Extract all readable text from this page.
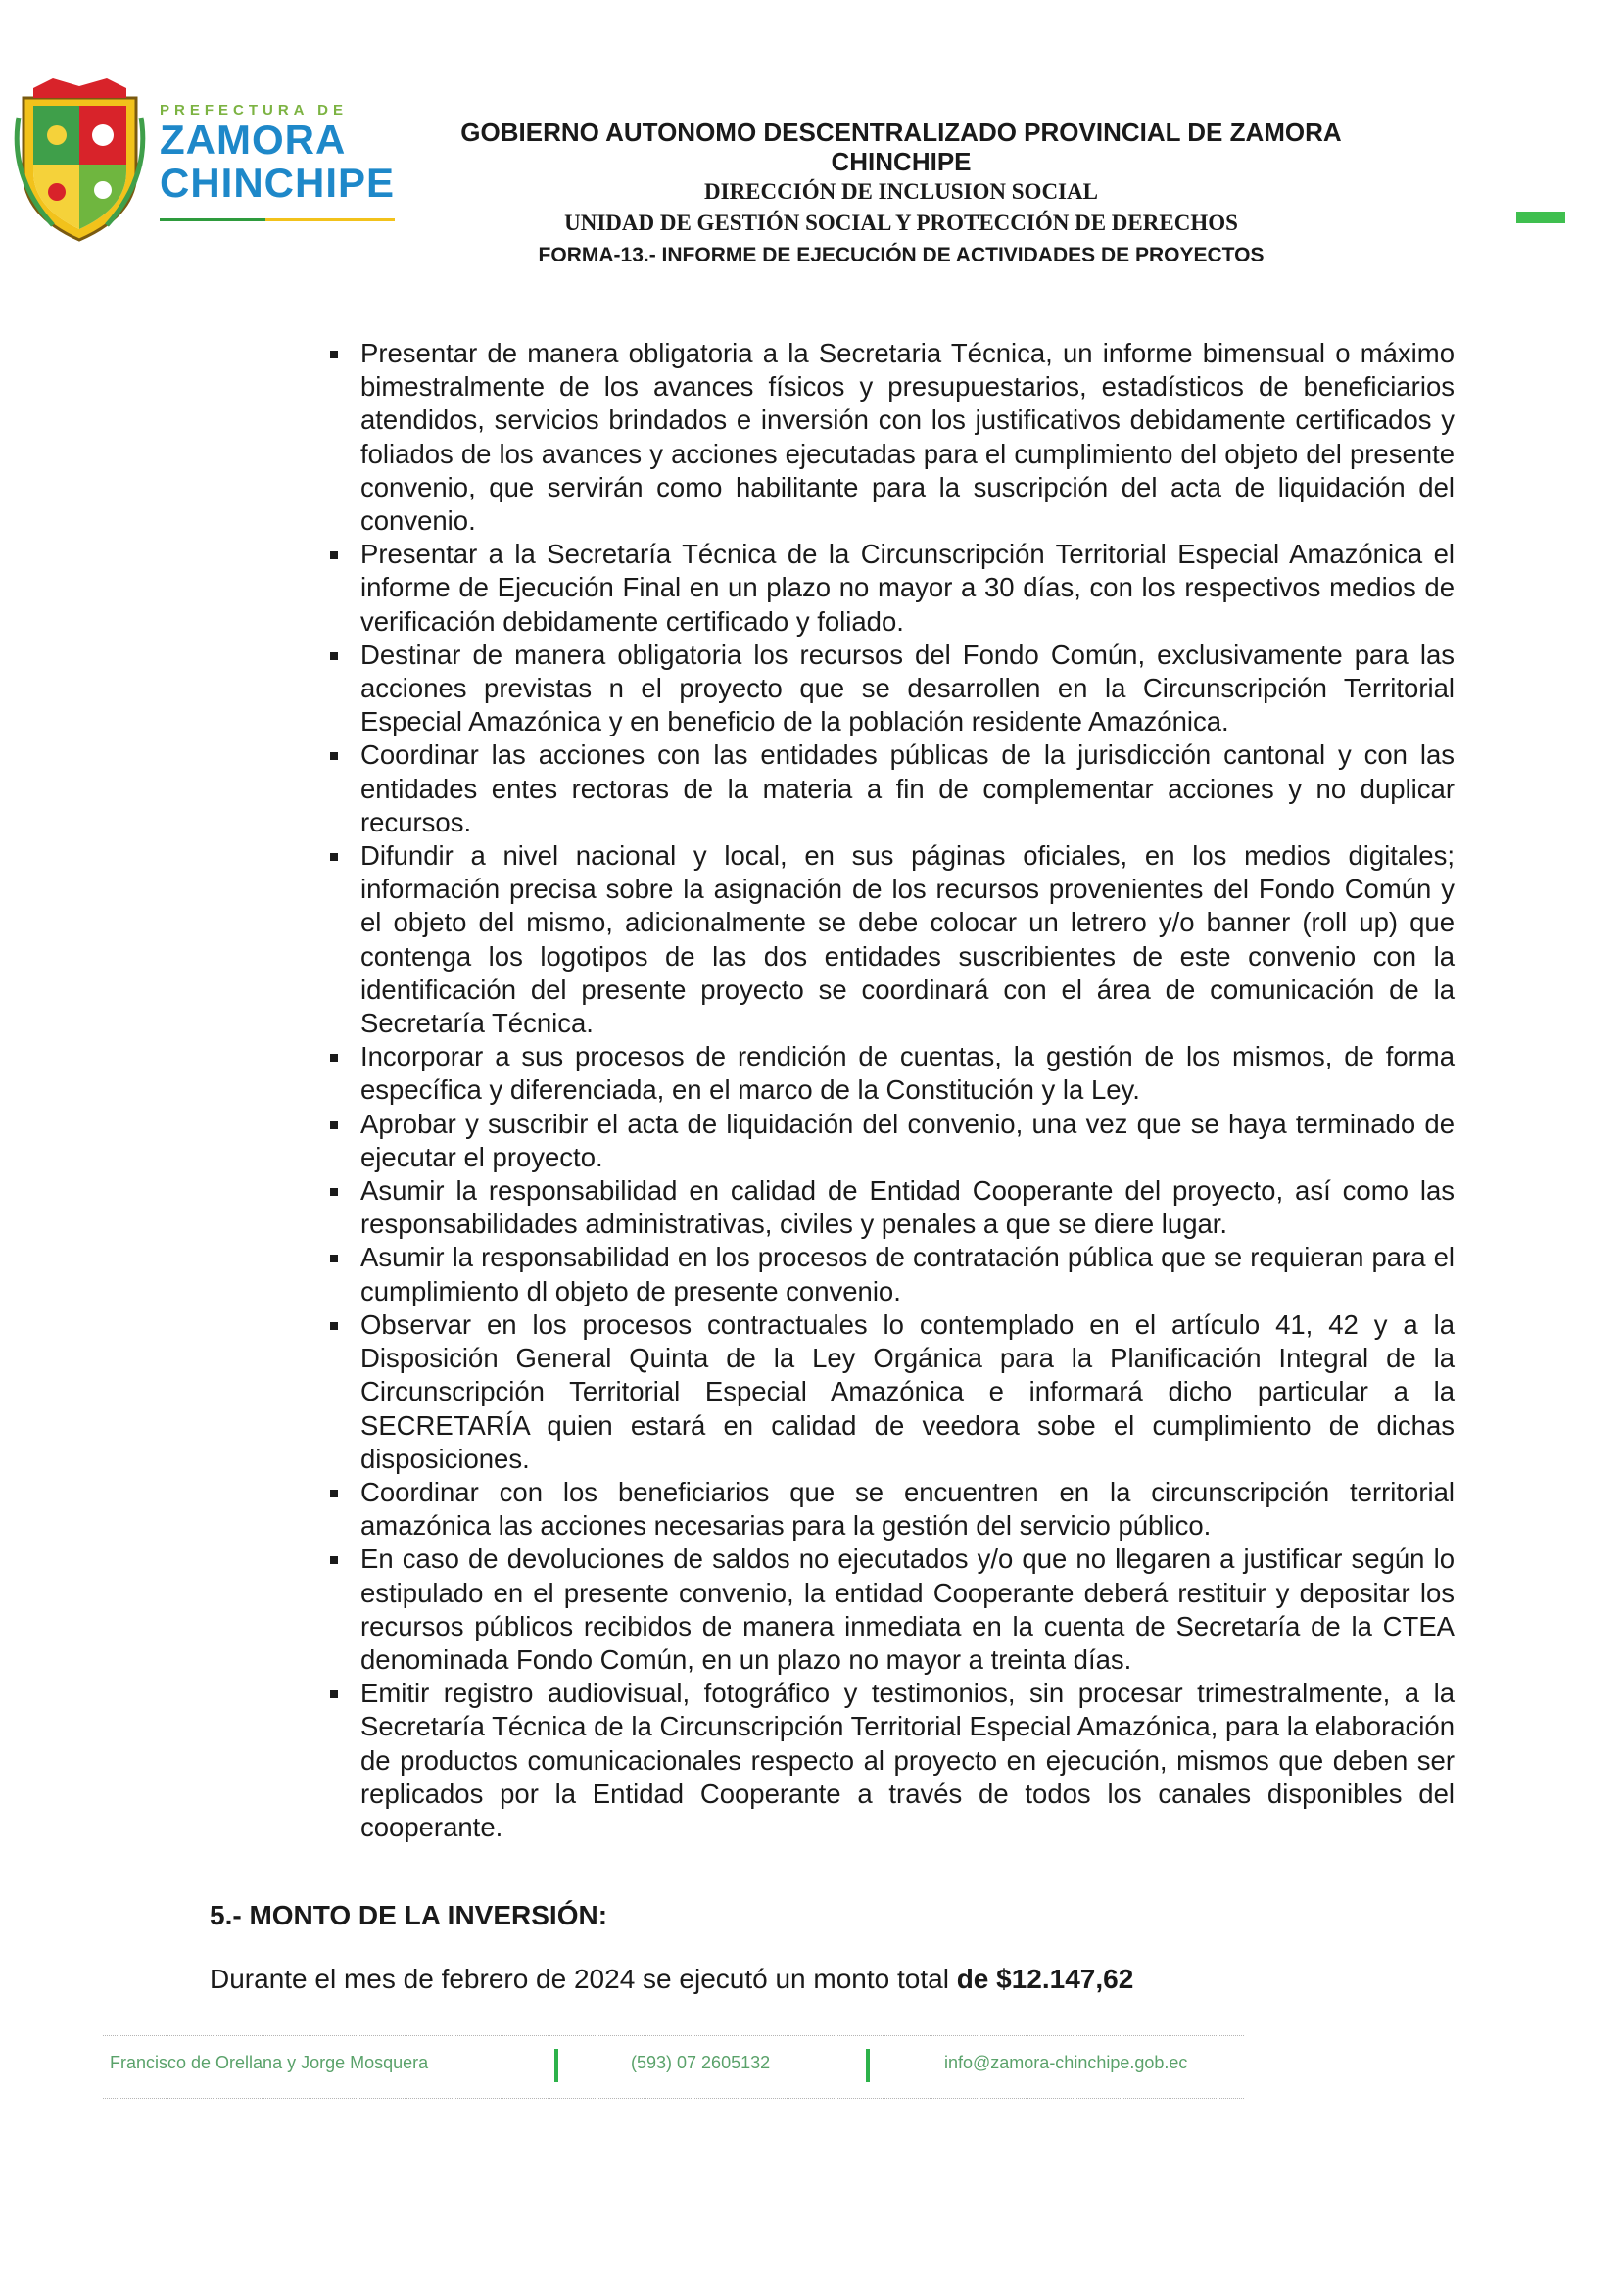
PREFECTURA DE
ZAMORA
CHINCHIPE
GOBIERNO AUTONOMO DESCENTRALIZADO PROVINCIAL DE ZAMORA
CHINCHIPE
DIRECCIÓN DE INCLUSION SOCIAL
UNIDAD DE GESTIÓN SOCIAL Y PROTECCIÓN DE DERECHOS
FORMA-13.- INFORME DE EJECUCIÓN DE ACTIVIDADES DE PROYECTOS
Presentar de manera obligatoria a la Secretaria Técnica, un informe bimensual o máximo bimestralmente de los avances físicos y presupuestarios, estadísticos de beneficiarios atendidos, servicios brindados e inversión con los justificativos debidamente certificados y foliados de los avances y acciones ejecutadas para el cumplimiento del objeto del presente convenio, que servirán como habilitante para la suscripción del acta de liquidación del convenio.
Presentar a la Secretaría Técnica de la Circunscripción Territorial Especial Amazónica el informe de Ejecución Final en un plazo no mayor a 30 días, con los respectivos medios de verificación debidamente certificado y foliado.
Destinar de manera obligatoria los recursos del Fondo Común, exclusivamente para las acciones previstas n el proyecto que se desarrollen en la Circunscripción Territorial Especial Amazónica y en beneficio de la población residente Amazónica.
Coordinar las acciones con las entidades públicas de la jurisdicción cantonal y con las entidades entes rectoras de la materia a fin de complementar acciones y no duplicar recursos.
Difundir a nivel nacional y local, en sus páginas oficiales, en los medios digitales; información precisa sobre la asignación de los recursos provenientes del Fondo Común y el objeto del mismo, adicionalmente se debe colocar un letrero y/o banner (roll up) que contenga los logotipos de las dos entidades suscribientes de este convenio con la identificación del presente proyecto se coordinará con el área de comunicación de la Secretaría Técnica.
Incorporar a sus procesos de rendición de cuentas, la gestión de los mismos, de forma específica y diferenciada, en el marco de la Constitución y la Ley.
Aprobar y suscribir el acta de liquidación del convenio, una vez que se haya terminado de ejecutar el proyecto.
Asumir la responsabilidad en calidad de Entidad Cooperante del proyecto, así como las responsabilidades administrativas, civiles y penales a que se diere lugar.
Asumir la responsabilidad en los procesos de contratación pública que se requieran para el cumplimiento dl objeto de presente convenio.
Observar en los procesos contractuales lo contemplado en el artículo 41, 42 y a la Disposición General Quinta de la Ley Orgánica para la Planificación Integral de la Circunscripción Territorial Especial Amazónica e informará dicho particular a la SECRETARÍA quien estará en calidad de veedora sobe el cumplimiento de dichas disposiciones.
Coordinar con los beneficiarios que se encuentren en la circunscripción territorial amazónica las acciones necesarias para la gestión del servicio público.
En caso de devoluciones de saldos no ejecutados y/o que no llegaren a justificar según lo estipulado en el presente convenio, la entidad Cooperante deberá restituir y depositar los recursos públicos recibidos de manera inmediata en la cuenta de Secretaría de la CTEA denominada Fondo Común, en un plazo no mayor a treinta días.
Emitir registro audiovisual, fotográfico y testimonios, sin procesar trimestralmente, a la Secretaría Técnica de la Circunscripción Territorial Especial Amazónica, para la elaboración de productos comunicacionales respecto al proyecto en ejecución, mismos que deben ser replicados por la Entidad Cooperante a través de todos los canales disponibles del cooperante.
5.- MONTO DE LA INVERSIÓN:
Durante el mes de febrero de 2024 se ejecutó un monto total de $12.147,62
Francisco de Orellana y Jorge Mosquera	(593) 07 2605132	info@zamora-chinchipe.gob.ec
